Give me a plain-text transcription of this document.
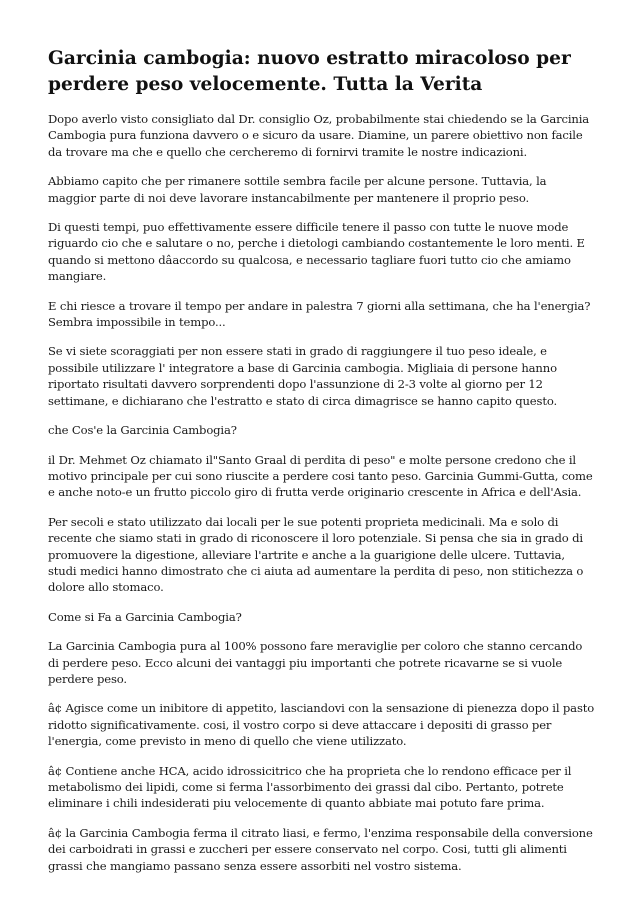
Garcinia cambogia: nuovo estratto miracoloso per perdere peso velocemente. Tutta la Verita

Dopo averlo visto consigliato dal Dr. consiglio Oz, probabilmente stai chiedendo se la Garcinia Cambogia pura funziona davvero o e sicuro da usare. Diamine, un parere obiettivo non facile da trovare ma che e quello che cercheremo di fornirvi tramite le nostre indicazioni.

Abbiamo capito che per rimanere sottile sembra facile per alcune persone. Tuttavia, la maggior parte di noi deve lavorare instancabilmente per mantenere il proprio peso.

Di questi tempi, puo effettivamente essere difficile tenere il passo con tutte le nuove mode riguardo cio che e salutare o no, perche i dietologi cambiando costantemente le loro menti. E quando si mettono dâaccordo su qualcosa, e necessario tagliare fuori tutto cio che amiamo mangiare.

E chi riesce a trovare il tempo per andare in palestra 7 giorni alla settimana, che ha l'energia? Sembra impossibile in tempo...

Se vi siete scoraggiati per non essere stati in grado di raggiungere il tuo peso ideale, e possibile utilizzare l' integratore a base di Garcinia cambogia. Migliaia di persone hanno riportato risultati davvero sorprendenti dopo l'assunzione di 2-3 volte al giorno per 12 settimane, e dichiarano che l'estratto e stato di circa dimagrisce se hanno capito questo.

che Cos'e la Garcinia Cambogia?

il Dr. Mehmet Oz chiamato il"Santo Graal di perdita di peso" e molte persone credono che il motivo principale per cui sono riuscite a perdere cosi tanto peso. Garcinia Gummi-Gutta, come e anche noto-e un frutto piccolo giro di frutta verde originario crescente in Africa e dell'Asia.

Per secoli e stato utilizzato dai locali per le sue potenti proprieta medicinali. Ma e solo di recente che siamo stati in grado di riconoscere il loro potenziale. Si pensa che sia in grado di promuovere la digestione, alleviare l'artrite e anche a la guarigione delle ulcere. Tuttavia, studi medici hanno dimostrato che ci aiuta ad aumentare la perdita di peso, non stitichezza o dolore allo stomaco.

Come si Fa a Garcinia Cambogia?

La Garcinia Cambogia pura al 100% possono fare meraviglie per coloro che stanno cercando di perdere peso. Ecco alcuni dei vantaggi piu importanti che potrete ricavarne se si vuole perdere peso.

â¢ Agisce come un inibitore di appetito, lasciandovi con la sensazione di pienezza dopo il pasto ridotto significativamente. cosi, il vostro corpo si deve attaccare i depositi di grasso per l'energia, come previsto in meno di quello che viene utilizzato.

â¢ Contiene anche HCA, acido idrossicitrico che ha proprieta che lo rendono efficace per il metabolismo dei lipidi, come si ferma l'assorbimento dei grassi dal cibo. Pertanto, potrete eliminare i chili indesiderati piu velocemente di quanto abbiate mai potuto fare prima.

â¢ la Garcinia Cambogia ferma il citrato liasi, e fermo, l'enzima responsabile della conversione dei carboidrati in grassi e zuccheri per essere conservato nel corpo. Cosi, tutti gli alimenti grassi che mangiamo passano senza essere assorbiti nel vostro sistema.
